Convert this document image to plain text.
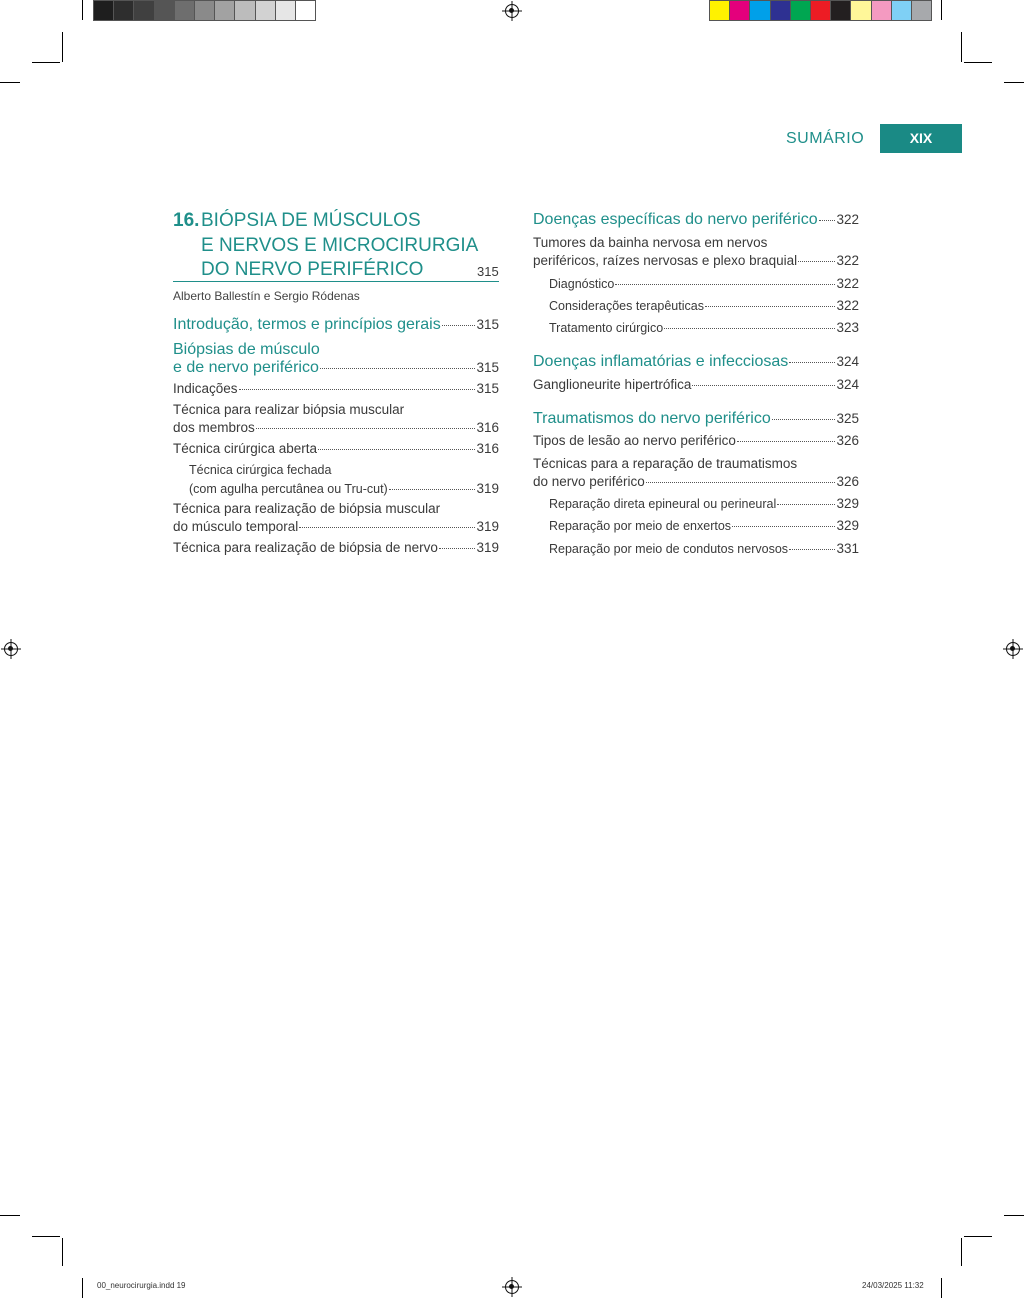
SUMÁRIO	XIX
16. BIÓPSIA DE MÚSCULOS
E NERVOS E MICROCIRURGIA
DO NERVO PERIFÉRICO	315
Alberto Ballestín e Sergio Ródenas
Introdução, termos e princípios gerais	315
Biópsias de músculo
e de nervo periférico	315
Indicações	315
Técnica para realizar biópsia muscular
dos membros	316
Técnica cirúrgica aberta	316
Técnica cirúrgica fechada
(com agulha percutânea ou Tru-cut)	319
Técnica para realização de biópsia muscular
do músculo temporal	319
Técnica para realização de biópsia de nervo	319
Doenças específicas do nervo periférico 322
Tumores da bainha nervosa em nervos
periféricos, raízes nervosas e plexo braquial	322
Diagnóstico	322
Considerações terapêuticas	322
Tratamento cirúrgico	323
Doenças inflamatórias e infecciosas	324
Ganglioneurite hipertrófica	324
Traumatismos do nervo periférico	325
Tipos de lesão ao nervo periférico	326
Técnicas para a reparação de traumatismos
do nervo periférico	326
Reparação direta epineural ou perineural	329
Reparação por meio de enxertos	329
Reparação por meio de condutos nervosos	331
00_neurocirurgia.indd 19	24/03/2025 11:32
